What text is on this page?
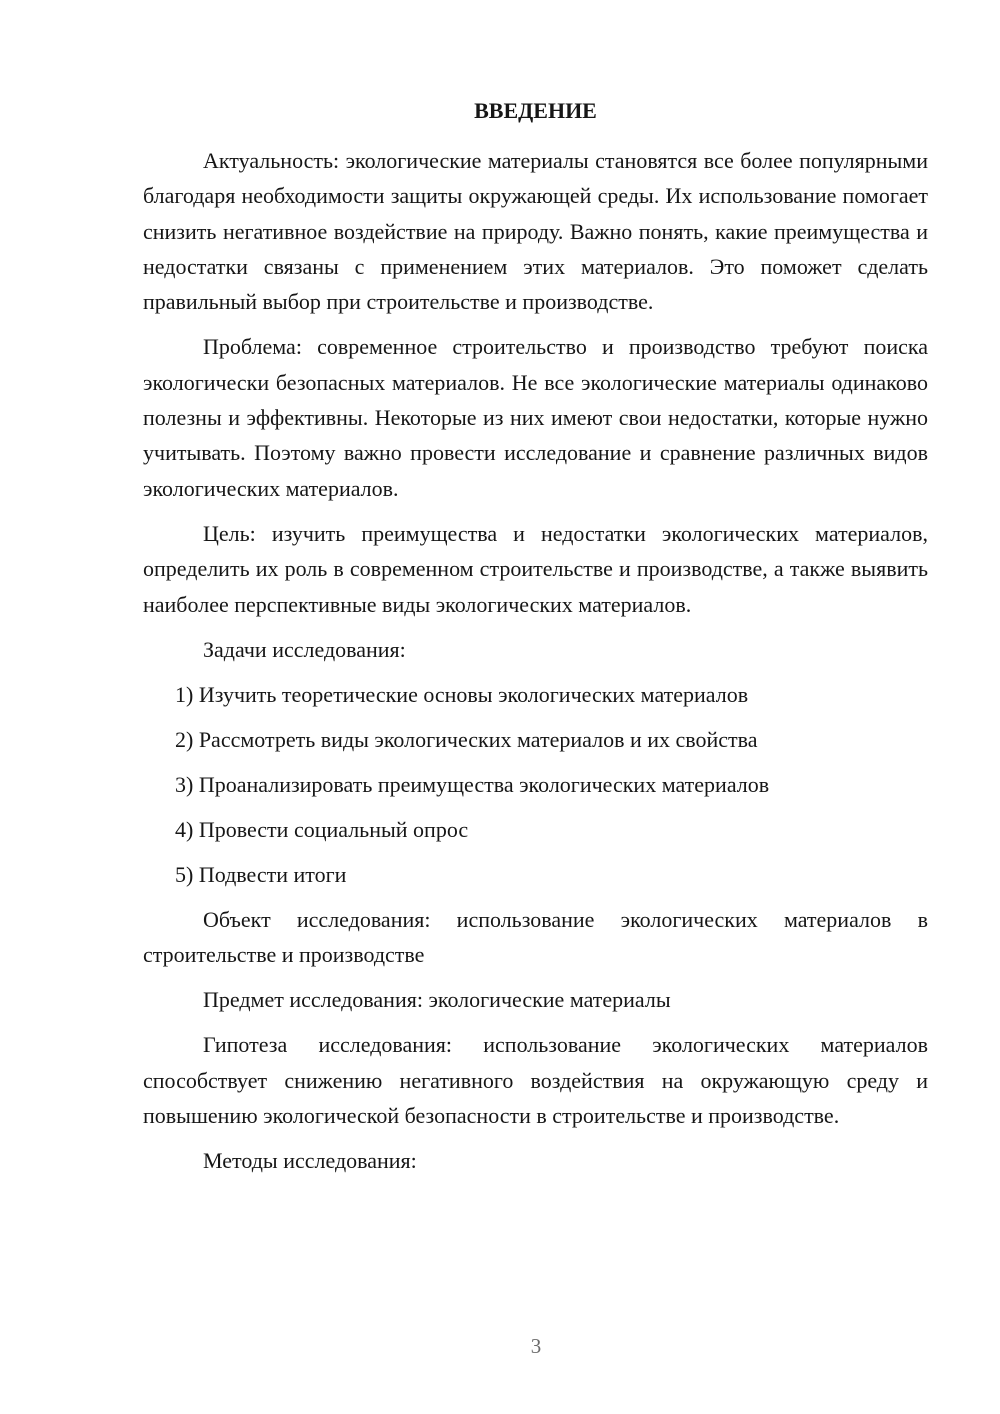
ВВЕДЕНИЕ

Актуальность: экологические материалы становятся все более популярными благодаря необходимости защиты окружающей среды. Их использование помогает снизить негативное воздействие на природу. Важно понять, какие преимущества и недостатки связаны с применением этих материалов. Это поможет сделать правильный выбор при строительстве и производстве.

Проблема: современное строительство и производство требуют поиска экологически безопасных материалов. Не все экологические материалы одинаково полезны и эффективны. Некоторые из них имеют свои недостатки, которые нужно учитывать. Поэтому важно провести исследование и сравнение различных видов экологических материалов.

Цель: изучить преимущества и недостатки экологических материалов, определить их роль в современном строительстве и производстве, а также выявить наиболее перспективные виды экологических материалов.

Задачи исследования:

1) Изучить теоретические основы экологических материалов

2) Рассмотреть виды экологических материалов и их свойства

3) Проанализировать преимущества экологических материалов

4) Провести социальный опрос

5) Подвести итоги

Объект исследования: использование экологических материалов в строительстве и производстве

Предмет исследования: экологические материалы

Гипотеза исследования: использование экологических материалов способствует снижению негативного воздействия на окружающую среду и повышению экологической безопасности в строительстве и производстве.

Методы исследования:

3
